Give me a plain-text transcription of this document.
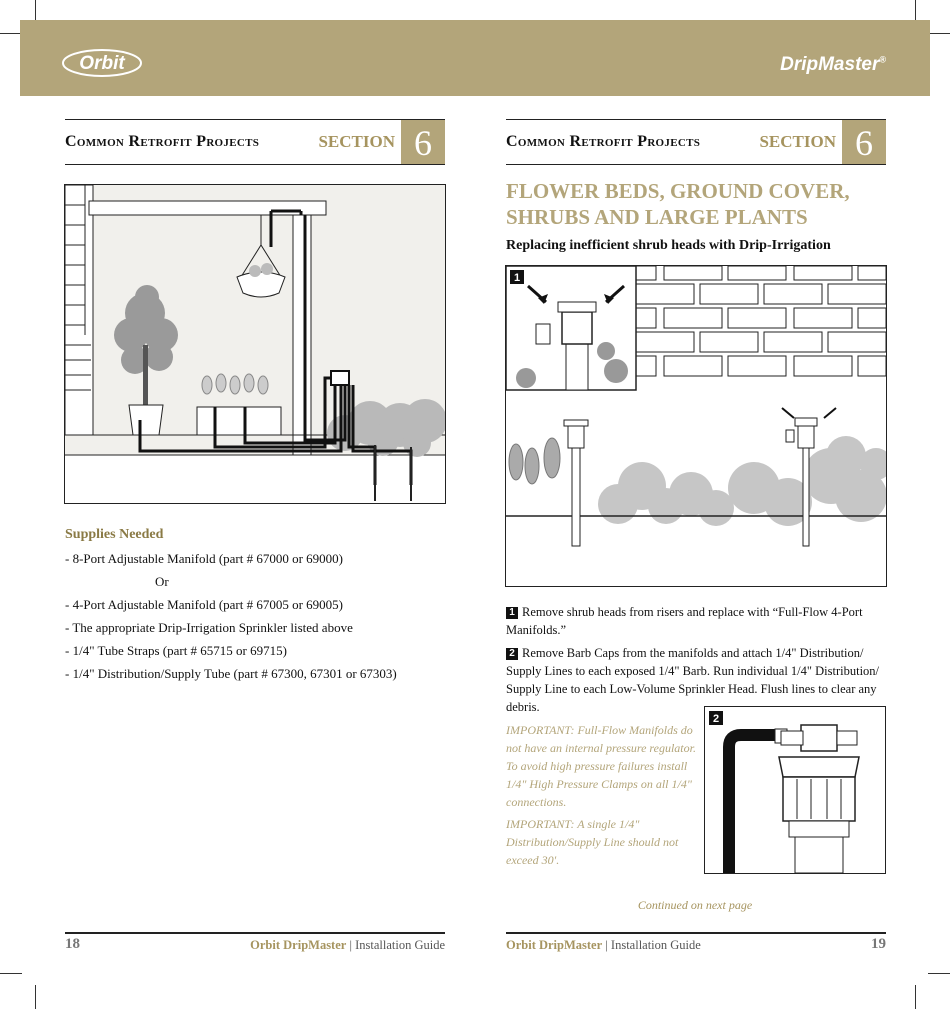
Orbit	DripMaster®
Common Retrofit Projects	SECTION 6	Common Retrofit Projects	SECTION 6
Supplies Needed
- 8-Port Adjustable Manifold (part # 67000 or 69000)
Or
- 4-Port Adjustable Manifold (part # 67005 or 69005)
- The appropriate Drip-Irrigation Sprinkler listed above
- 1/4" Tube Straps (part # 65715 or 69715)
- 1/4" Distribution/Supply Tube (part # 67300, 67301 or 67303)
FLOWER BEDS, GROUND COVER,
SHRUBS AND LARGE PLANTS
Replacing inefficient shrub heads with Drip-Irrigation
1
1 Remove shrub heads from risers and replace with “Full-Flow 4-Port Manifolds.”
2 Remove Barb Caps from the manifolds and attach 1/4" Distribution/ Supply Lines to each exposed 1/4" Barb. Run individual 1/4" Distribution/ Supply Line to each Low-Volume Sprinkler Head. Flush lines to clear any debris.
IMPORTANT: Full-Flow Manifolds do not have an internal pressure regulator. To avoid high pressure failures install 1/4" High Pressure Clamps on all 1/4" connections.
IMPORTANT: A single 1/4" Distribution/Supply Line should not exceed 30'.
2
Continued on next page
18	Orbit DripMaster | Installation Guide	Orbit DripMaster | Installation Guide	19
